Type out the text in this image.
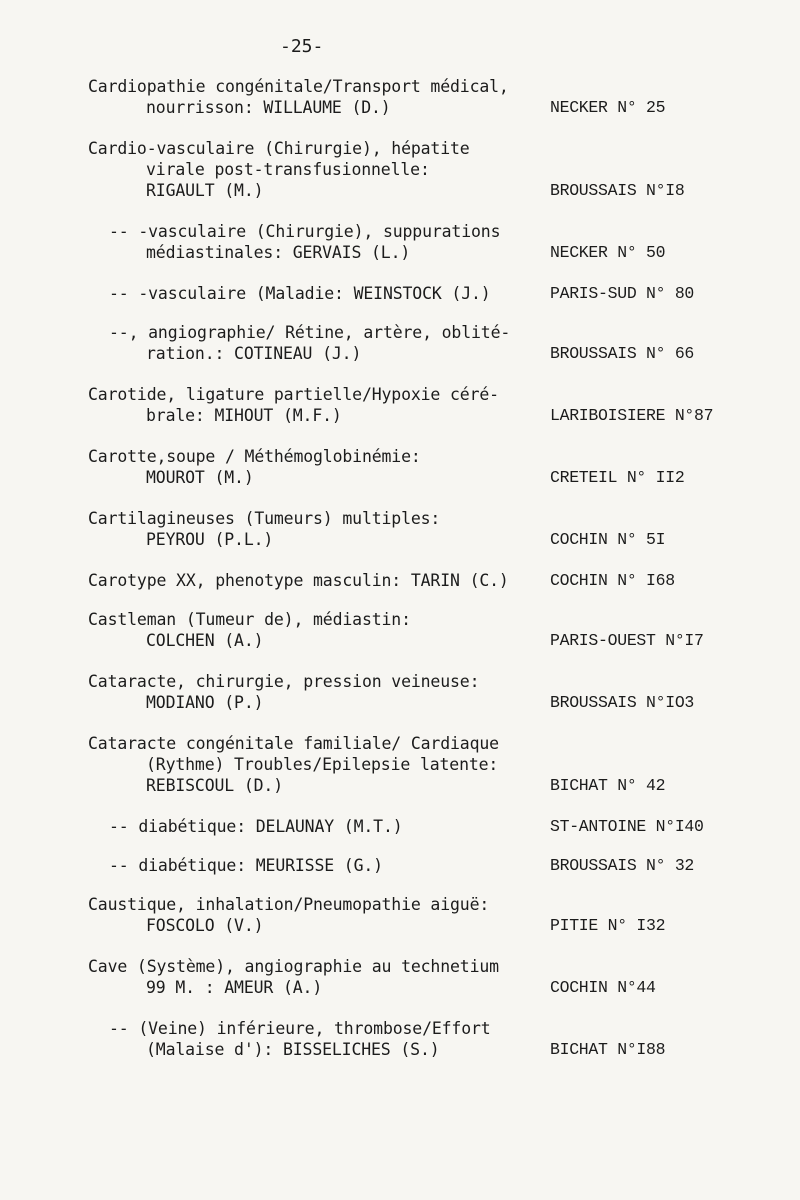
-25-
Cardiopathie congénitale/Transport médical,
nourrisson: WILLAUME (D.)	NECKER N° 25
Cardio-vasculaire (Chirurgie), hépatite
virale post-transfusionnelle:
RIGAULT (M.)	BROUSSAIS N°I8
-- -vasculaire (Chirurgie), suppurations
médiastinales: GERVAIS (L.)	NECKER N° 50
-- -vasculaire (Maladie: WEINSTOCK (J.)	PARIS-SUD N° 80
--, angiographie/ Rétine, artère, oblité-
ration.: COTINEAU (J.)	BROUSSAIS N° 66
Carotide, ligature partielle/Hypoxie céré-
brale: MIHOUT (M.F.)	LARIBOISIERE N°87
Carotte,soupe / Méthémoglobinémie:
MOUROT (M.)	CRETEIL N° II2
Cartilagineuses (Tumeurs) multiples:
PEYROU (P.L.)	COCHIN N° 5I
Carotype XX, phenotype masculin: TARIN (C.)	COCHIN N° I68
Castleman (Tumeur de), médiastin:
COLCHEN (A.)	PARIS-OUEST N°I7
Cataracte, chirurgie, pression veineuse:
MODIANO (P.)	BROUSSAIS N°IO3
Cataracte congénitale familiale/ Cardiaque
(Rythme) Troubles/Epilepsie latente:
REBISCOUL (D.)	BICHAT N° 42
-- diabétique: DELAUNAY (M.T.)	ST-ANTOINE N°I40
-- diabétique: MEURISSE (G.)	BROUSSAIS N° 32
Caustique, inhalation/Pneumopathie aiguë:
FOSCOLO (V.)	PITIE N° I32
Cave (Système), angiographie au technetium
99 M. : AMEUR (A.)	COCHIN N°44
-- (Veine) inférieure, thrombose/Effort
(Malaise d'): BISSELICHES (S.)	BICHAT N°I88
